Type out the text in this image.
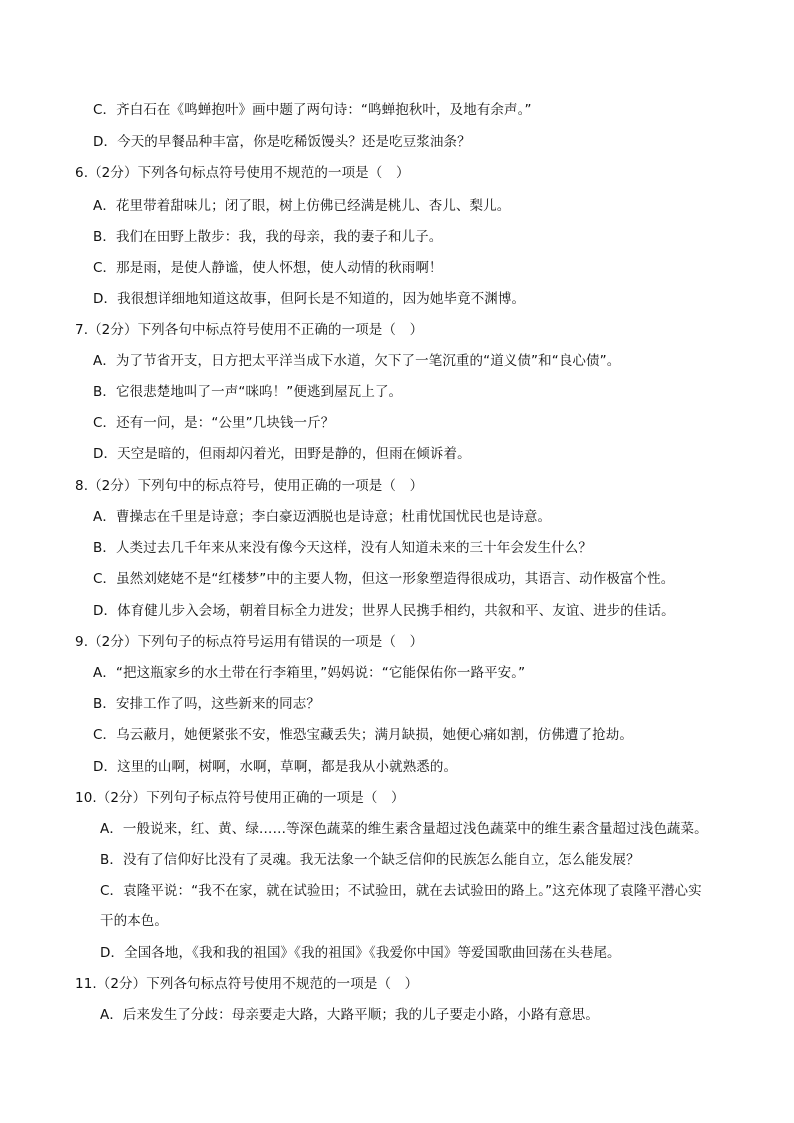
C．齐白石在《鸣蝉抱叶》画中题了两句诗：“鸣蝉抱秋叶，及地有余声。”
D．今天的早餐品种丰富，你是吃稀饭馒头？还是吃豆浆油条？
6.（2分）下列各句标点符号使用不规范的一项是（　）
A．花里带着甜味儿；闭了眼，树上仿佛已经满是桃儿、杏儿、梨儿。
B．我们在田野上散步：我，我的母亲，我的妻子和儿子。
C．那是雨，是使人静谧，使人怀想，使人动情的秋雨啊！
D．我很想详细地知道这故事，但阿长是不知道的，因为她毕竟不渊博。
7.（2分）下列各句中标点符号使用不正确的一项是（　）
A．为了节省开支，日方把太平洋当成下水道，欠下了一笔沉重的“道义债”和“良心债”。
B．它很悲楚地叫了一声“咪呜！”便逃到屋瓦上了。
C．还有一问，是：“公里”几块钱一斤？
D．天空是暗的，但雨却闪着光，田野是静的，但雨在倾诉着。
8.（2分）下列句中的标点符号，使用正确的一项是（　）
A．曹操志在千里是诗意；李白豪迈洒脱也是诗意；杜甫忧国忧民也是诗意。
B．人类过去几千年来从来没有像今天这样，没有人知道未来的三十年会发生什么？
C．虽然刘姥姥不是“红楼梦”中的主要人物，但这一形象塑造得很成功，其语言、动作极富个性。
D．体育健儿步入会场，朝着目标全力进发；世界人民携手相约，共叙和平、友谊、进步的佳话。
9.（2分）下列句子的标点符号运用有错误的一项是（　）
A．“把这瓶家乡的水土带在行李箱里，”妈妈说：“它能保佑你一路平安。”
B．安排工作了吗，这些新来的同志？
C．乌云蔽月，她便紧张不安，惟恐宝藏丢失；满月缺损，她便心痛如割，仿佛遭了抢劫。
D．这里的山啊，树啊，水啊，草啊，都是我从小就熟悉的。
10.（2分）下列句子标点符号使用正确的一项是（　）
A．一般说来，红、黄、绿……等深色蔬菜的维生素含量超过浅色蔬菜中的维生素含量超过浅色蔬菜。
B．没有了信仰好比没有了灵魂。我无法象一个缺乏信仰的民族怎么能自立，怎么能发展？
C．袁隆平说：“我不在家，就在试验田；不试验田，就在去试验田的路上。”这充体现了袁隆平潜心实
干的本色。
D．全国各地，《我和我的祖国》《我的祖国》《我爱你中国》等爱国歌曲回荡在头巷尾。
11.（2分）下列各句标点符号使用不规范的一项是（　）
A．后来发生了分歧：母亲要走大路，大路平顺；我的儿子要走小路，小路有意思。
